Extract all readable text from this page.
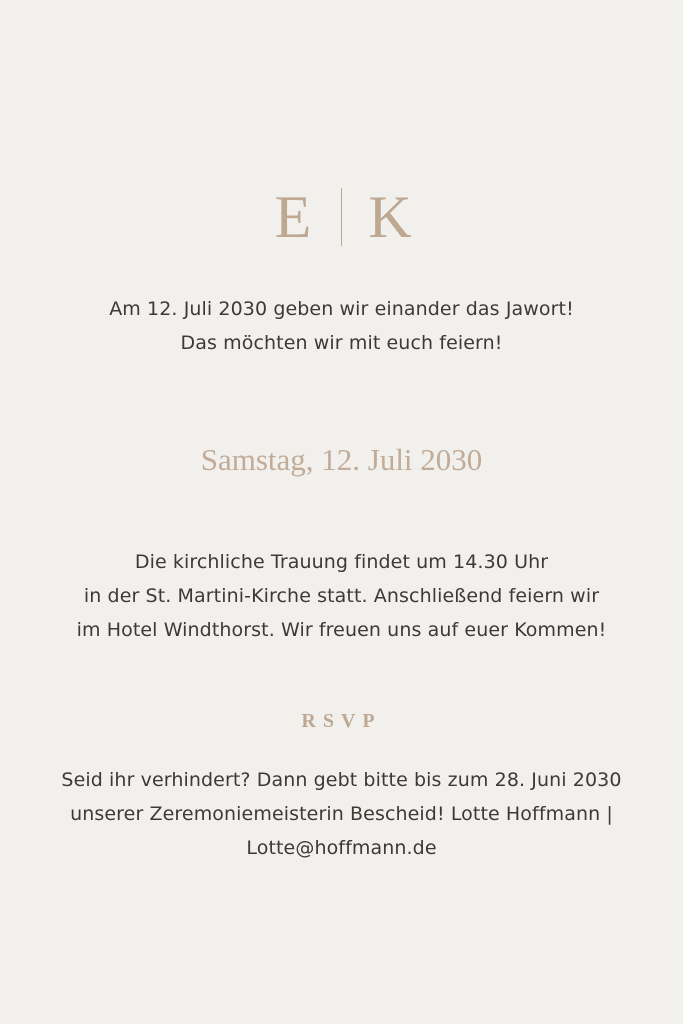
E K
Am 12. Juli 2030 geben wir einander das Jawort!
Das möchten wir mit euch feiern!
Samstag, 12. Juli 2030
Die kirchliche Trauung findet um 14.30 Uhr
in der St. Martini-Kirche statt. Anschließend feiern wir
im Hotel Windthorst. Wir freuen uns auf euer Kommen!
RSVP
Seid ihr verhindert? Dann gebt bitte bis zum 28. Juni 2030
unserer Zeremoniemeisterin Bescheid! Lotte Hoffmann |
Lotte@hoffmann.de
